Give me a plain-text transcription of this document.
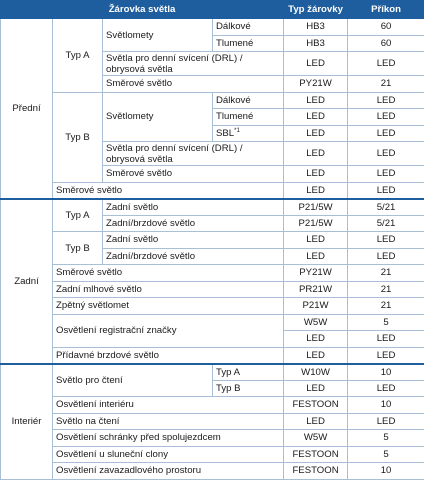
Žárovka světla				Typ žárovky	Příkon
Přední	Typ A	Světlomety	Dálkové	HB3	60
			Tlumené	HB3	60
		Světla pro denní svícení (DRL) / obrysová světla		LED	LED
		Směrové světlo		PY21W	21
	Typ B	Světlomety	Dálkové	LED	LED
			Tlumené	LED	LED
			SBL$^{*1}$	LED	LED
		Světla pro denní svícení (DRL) / obrysová světla		LED	LED
		Směrové světlo		LED	LED
	Směrové světlo			LED	LED
Zadní	Typ A	Zadní světlo		P21/5W	5/21
		Zadní/brzdové světlo		P21/5W	5/21
	Typ B	Zadní světlo		LED	LED
		Zadní/brzdové světlo		LED	LED
	Směrové světlo			PY21W	21
	Zadní mlhové světlo			PR21W	21
	Zpětný světlomet			P21W	21
	Osvětlení registrační značky			W5W	5
				LED	LED
	Přídavné brzdové světlo			LED	LED
Interiér	Světlo pro čtení		Typ A	W10W	10
			Typ B	LED	LED
	Osvětlení interiéru			FESTOON	10
	Světlo na čtení			LED	LED
	Osvětlení schránky před spolujezdcem			W5W	5
	Osvětlení u sluneční clony			FESTOON	5
	Osvětlení zavazadlového prostoru			FESTOON	10
